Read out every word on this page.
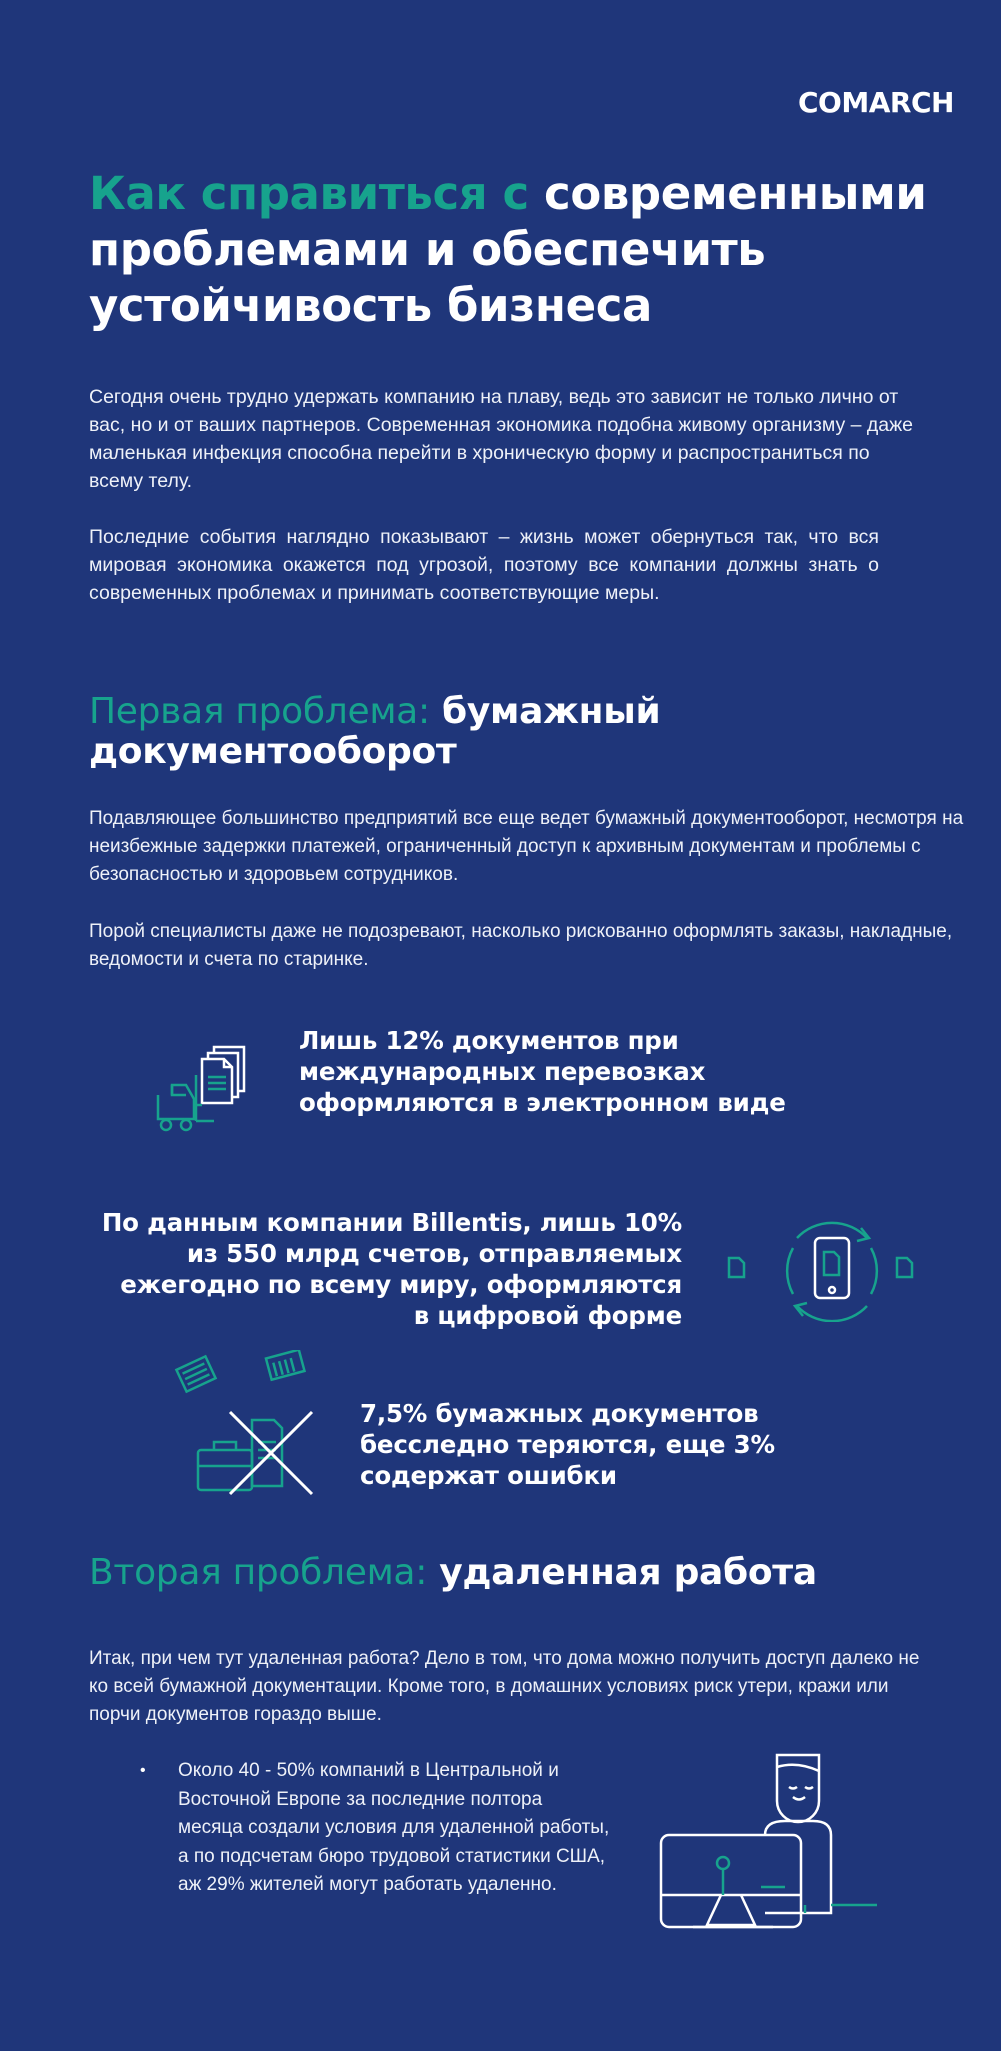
COMARCH
Как справиться с современными проблемами и обеспечить устойчивость бизнеса

Сегодня очень трудно удержать компанию на плаву, ведь это зависит не только лично от вас, но и от ваших партнеров. Современная экономика подобна живому организму – даже маленькая инфекция способна перейти в хроническую форму и распространиться по всему телу.

Последние события наглядно показывают – жизнь может обернуться так, что вся мировая экономика окажется под угрозой, поэтому все компании должны знать о современных проблемах и принимать соответствующие меры.

Первая проблема: бумажный
документооборот

Подавляющее большинство предприятий все еще ведет бумажный документооборот, несмотря на неизбежные задержки платежей, ограниченный доступ к архивным документам и проблемы с безопасностью и здоровьем сотрудников.

Порой специалисты даже не подозревают, насколько рискованно оформлять заказы, накладные, ведомости и счета по старинке.

Лишь 12% документов при
международных перевозках
оформляются в электронном виде

По данным компании Billentis, лишь 10%
из 550 млрд счетов, отправляемых
ежегодно по всему миру, оформляются
в цифровой форме

7,5% бумажных документов
бесследно теряются, еще 3%
содержат ошибки

Вторая проблема: удаленная работа

Итак, при чем тут удаленная работа? Дело в том, что дома можно получить доступ далеко не ко всей бумажной документации. Кроме того, в домашних условиях риск утери, кражи или порчи документов гораздо выше.

• Около 40 - 50% компаний в Центральной и Восточной Европе за последние полтора месяца создали условия для удаленной работы, а по подсчетам бюро трудовой статистики США, аж 29% жителей могут работать удаленно.
